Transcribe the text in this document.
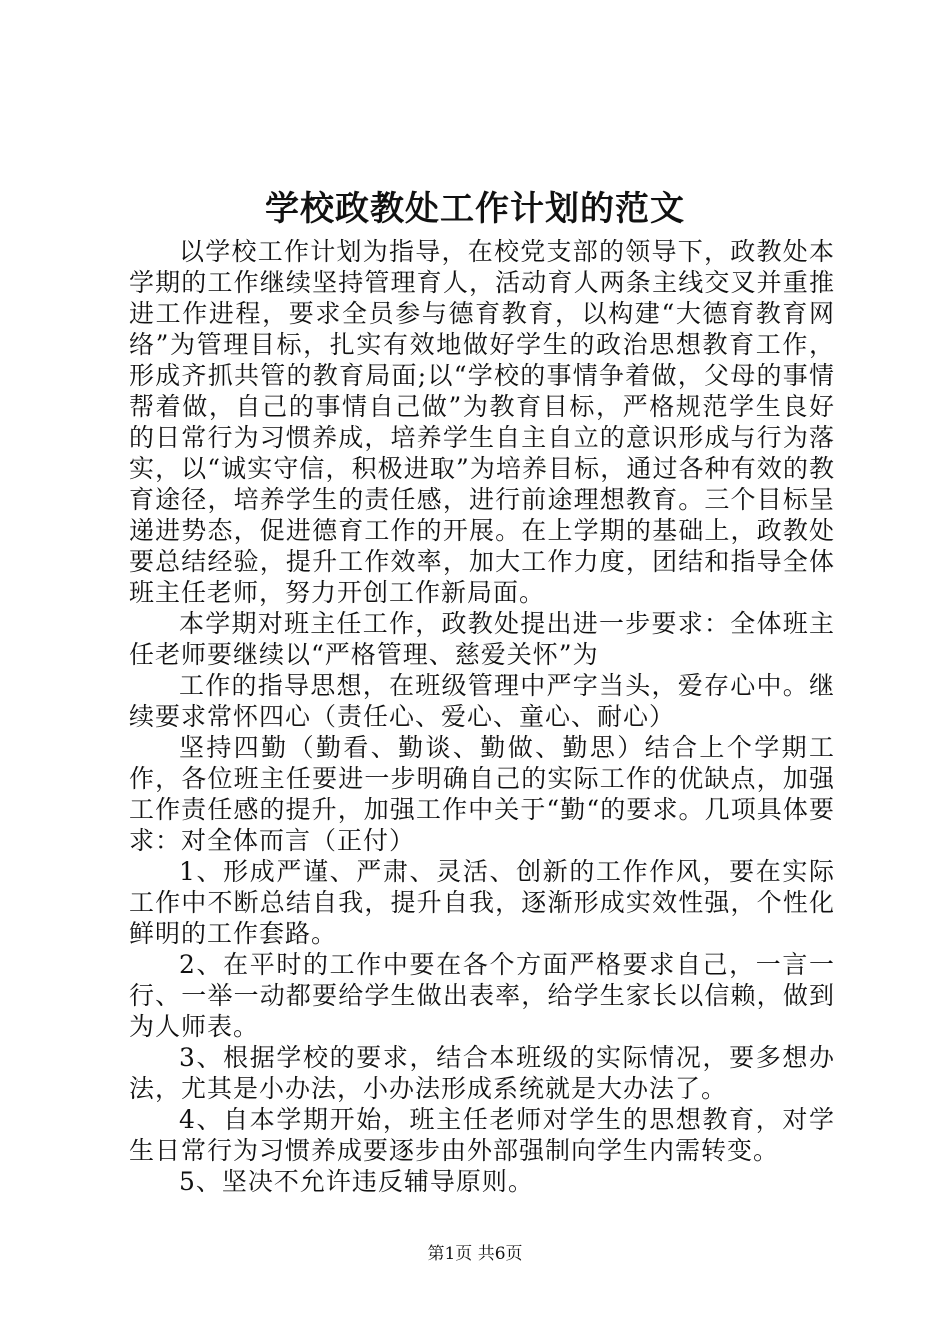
学校政教处工作计划的范文

以学校工作计划为指导，在校党支部的领导下，政教处本学期的工作继续坚持管理育人，活动育人两条主线交叉并重推进工作进程，要求全员参与德育教育，以构建“大德育教育网络”为管理目标，扎实有效地做好学生的政治思想教育工作，形成齐抓共管的教育局面;以“学校的事情争着做，父母的事情帮着做，自己的事情自己做”为教育目标，严格规范学生良好的日常行为习惯养成，培养学生自主自立的意识形成与行为落实，以“诚实守信，积极进取”为培养目标，通过各种有效的教育途径，培养学生的责任感，进行前途理想教育。三个目标呈递进势态，促进德育工作的开展。在上学期的基础上，政教处要总结经验，提升工作效率，加大工作力度，团结和指导全体班主任老师，努力开创工作新局面。

本学期对班主任工作，政教处提出进一步要求：全体班主任老师要继续以“严格管理、慈爱关怀”为

工作的指导思想，在班级管理中严字当头，爱存心中。继续要求常怀四心（责任心、爱心、童心、耐心）

坚持四勤（勤看、勤谈、勤做、勤思）结合上个学期工作，各位班主任要进一步明确自己的实际工作的优缺点，加强工作责任感的提升，加强工作中关于“勤“的要求。几项具体要求：对全体而言（正付）

1、形成严谨、严肃、灵活、创新的工作作风，要在实际工作中不断总结自我，提升自我，逐渐形成实效性强，个性化鲜明的工作套路。

2、在平时的工作中要在各个方面严格要求自己，一言一行、一举一动都要给学生做出表率，给学生家长以信赖，做到为人师表。

3、根据学校的要求，结合本班级的实际情况，要多想办法，尤其是小办法，小办法形成系统就是大办法了。

4、自本学期开始，班主任老师对学生的思想教育，对学生日常行为习惯养成要逐步由外部强制向学生内需转变。

5、坚决不允许违反辅导原则。

第1页 共6页
